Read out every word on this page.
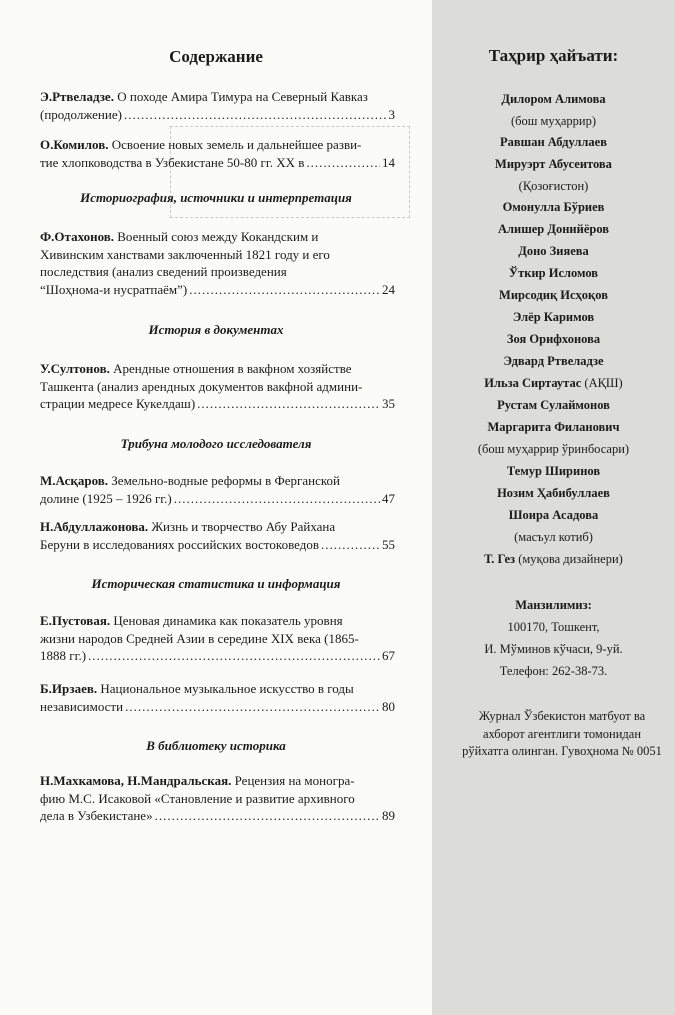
Содержание
Э.Ртвеладзе. О походе Амира Тимура на Северный Кавказ
(продолжение) .....	3
О.Комилов. Освоение новых земель и дальнейшее разви-
тие хлопководства в Узбекистане 50-80 гг. XX в .....	14
Историография, источники и интерпретация
Ф.Отахонов. Военный союз между Кокандским и
Хивинским ханствами заключенный 1821 году и его
последствия (анализ сведений произведения
“Шоҳнома-и нусратпаём”) .....	24
История в документах
У.Султонов. Арендные отношения в вакфном хозяйстве
Ташкента (анализ арендных документов вакфной админи-
страции медресе Кукелдаш) .....	35
Трибуна молодого исследователя
М.Асқаров. Земельно-водные реформы в Ферганской
долине (1925 – 1926 гг.) .....	47
Н.Абдуллажонова. Жизнь и творчество Абу Райхана
Беруни в исследованиях российских востоковедов .....	55
Историческая статистика и информация
Е.Пустовая. Ценовая динамика как показатель уровня
жизни народов Средней Азии в середине XIX века (1865-
1888 гг.) .....	67
Б.Ирзаев. Национальное музыкальное искусство в годы
независимости .....	80
В библиотеку историка
Н.Махкамова, Н.Мандральская. Рецензия на моногра-
фию М.С. Исаковой «Становление и развитие архивного
дела в Узбекистане» .....	89
Таҳрир ҳайъати:
Дилором Алимова
(бош муҳаррир)
Равшан Абдуллаев
Мируэрт Абусеитова
(Қозоғистон)
Омонулла Бўриев
Алишер Донийёров
Доно Зияева
Ўткир Исломов
Мирсодиқ Исҳоқов
Элёр Каримов
Зоя Орифхонова
Эдвард Ртвеладзе
Ильза Сиртаутас (АҚШ)
Рустам Сулаймонов
Маргарита Филанович
(бош муҳаррир ўринбосари)
Темур Ширинов
Нозим Ҳабибуллаев
Шоира Асадова
(масъул котиб)
Т. Гез (муқова дизайнери)
Манзилимиз:
100170, Тошкент,
И. Мўминов кўчаси, 9-уй.
Телефон: 262-38-73.
Журнал Ўзбекистон матбуот ва ахборот агентлиги томонидан рўйхатга олинган. Гувоҳнома № 0051
